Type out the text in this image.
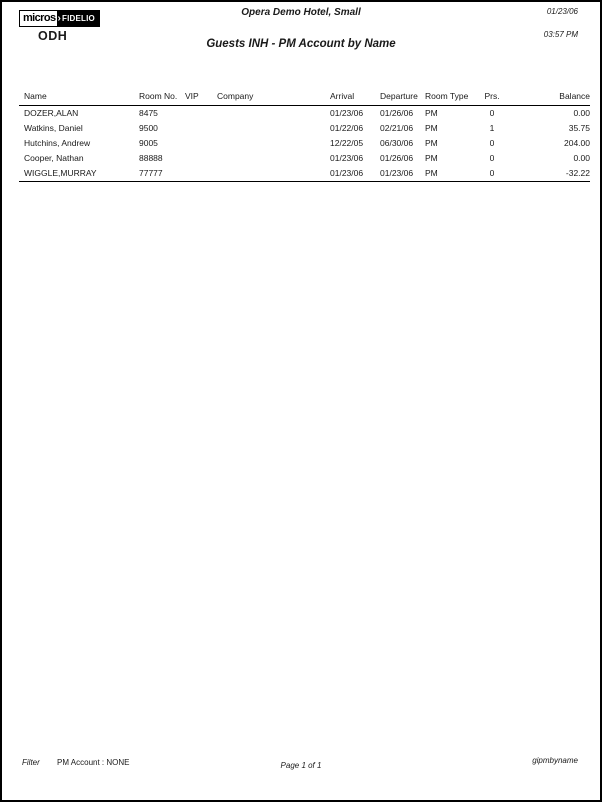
micros › FIDELIO
ODH
Opera Demo Hotel, Small
Guests INH - PM Account by Name
01/23/06
03:57 PM
Name	Room No.	VIP	Company	Arrival	Departure	Room Type	Prs.	Balance
DOZER,ALAN	8475			01/23/06	01/26/06	PM	0	0.00
Watkins, Daniel	9500			01/22/06	02/21/06	PM	1	35.75
Hutchins, Andrew	9005			12/22/05	06/30/06	PM	0	204.00
Cooper, Nathan	88888			01/23/06	01/26/06	PM	0	0.00
WIGGLE,MURRAY	77777			01/23/06	01/23/06	PM	0	-32.22
Filter PM Account : NONE	Page 1 of 1
gipmbyname
